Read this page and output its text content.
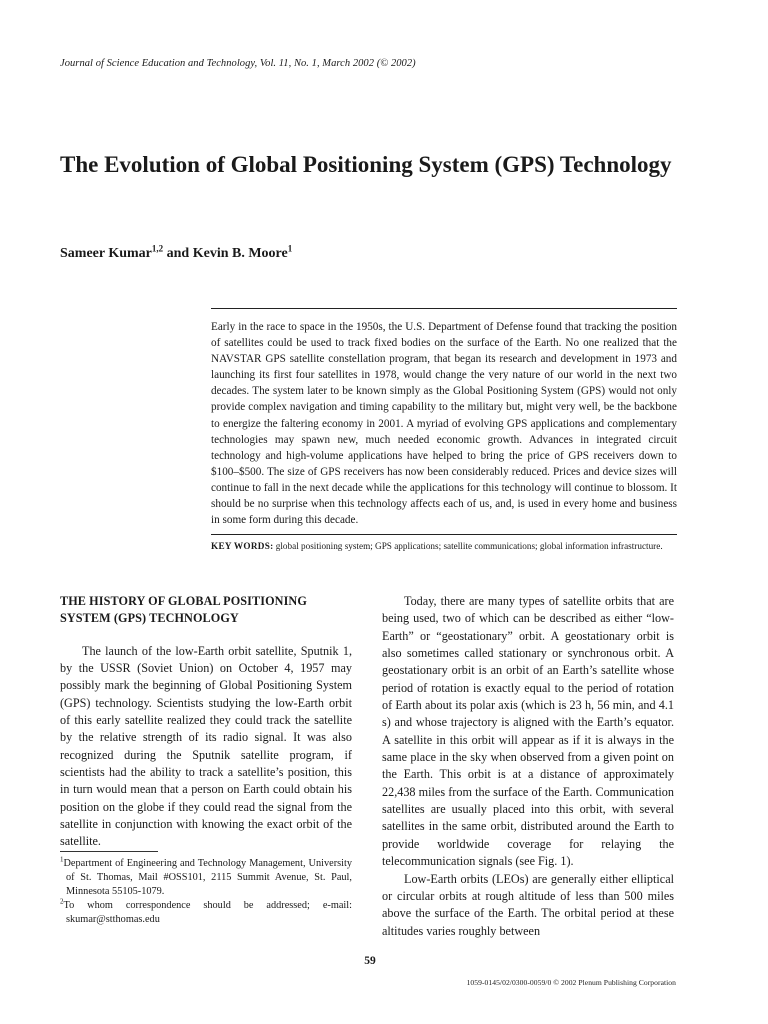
Journal of Science Education and Technology, Vol. 11, No. 1, March 2002 (© 2002)
The Evolution of Global Positioning System (GPS) Technology
Sameer Kumar$^{1,2}$ and Kevin B. Moore$^1$

Early in the race to space in the 1950s, the U.S. Department of Defense found that tracking the position of satellites could be used to track fixed bodies on the surface of the Earth. No one realized that the NAVSTAR GPS satellite constellation program, that began its research and development in 1973 and launching its first four satellites in 1978, would change the very nature of our world in the next two decades. The system later to be known simply as the Global Positioning System (GPS) would not only provide complex navigation and timing capability to the military but, might very well, be the backbone to energize the faltering economy in 2001. A myriad of evolving GPS applications and complementary technologies may spawn new, much needed economic growth. Advances in integrated circuit technology and high-volume applications have helped to bring the price of GPS receivers down to $100–$500. The size of GPS receivers has now been considerably reduced. Prices and device sizes will continue to fall in the next decade while the applications for this technology will continue to blossom. It should be no surprise when this technology affects each of us, and, is used in every home and business in some form during this decade.

KEY WORDS: global positioning system; GPS applications; satellite communications; global information infrastructure.

THE HISTORY OF GLOBAL POSITIONING SYSTEM (GPS) TECHNOLOGY

The launch of the low-Earth orbit satellite, Sputnik 1, by the USSR (Soviet Union) on October 4, 1957 may possibly mark the beginning of Global Positioning System (GPS) technology. Scientists studying the low-Earth orbit of this early satellite realized they could track the satellite by the relative strength of its radio signal. It was also recognized during the Sputnik satellite program, if scientists had the ability to track a satellite’s position, this in turn would mean that a person on Earth could obtain his position on the globe if they could read the signal from the satellite in conjunction with knowing the exact orbit of the satellite.

Today, there are many types of satellite orbits that are being used, two of which can be described as either “low-Earth” or “geostationary” orbit. A geostationary orbit is also sometimes called stationary or synchronous orbit. A geostationary orbit is an orbit of an Earth’s satellite whose period of rotation is exactly equal to the period of rotation of Earth about its polar axis (which is 23 h, 56 min, and 4.1 s) and whose trajectory is aligned with the Earth’s equator. A satellite in this orbit will appear as if it is always in the same place in the sky when observed from a given point on the Earth. This orbit is at a distance of approximately 22,438 miles from the surface of the Earth. Communication satellites are usually placed into this orbit, with several satellites in the same orbit, distributed around the Earth to provide worldwide coverage for relaying the telecommunication signals (see Fig. 1).

Low-Earth orbits (LEOs) are generally either elliptical or circular orbits at rough altitude of less than 500 miles above the surface of the Earth. The orbital period at these altitudes varies roughly between

$^1$Department of Engineering and Technology Management, University of St. Thomas, Mail #OSS101, 2115 Summit Avenue, St. Paul, Minnesota 55105-1079.

$^2$To whom correspondence should be addressed; e-mail: skumar@stthomas.edu

59
1059-0145/02/0300-0059/0 © 2002 Plenum Publishing Corporation
